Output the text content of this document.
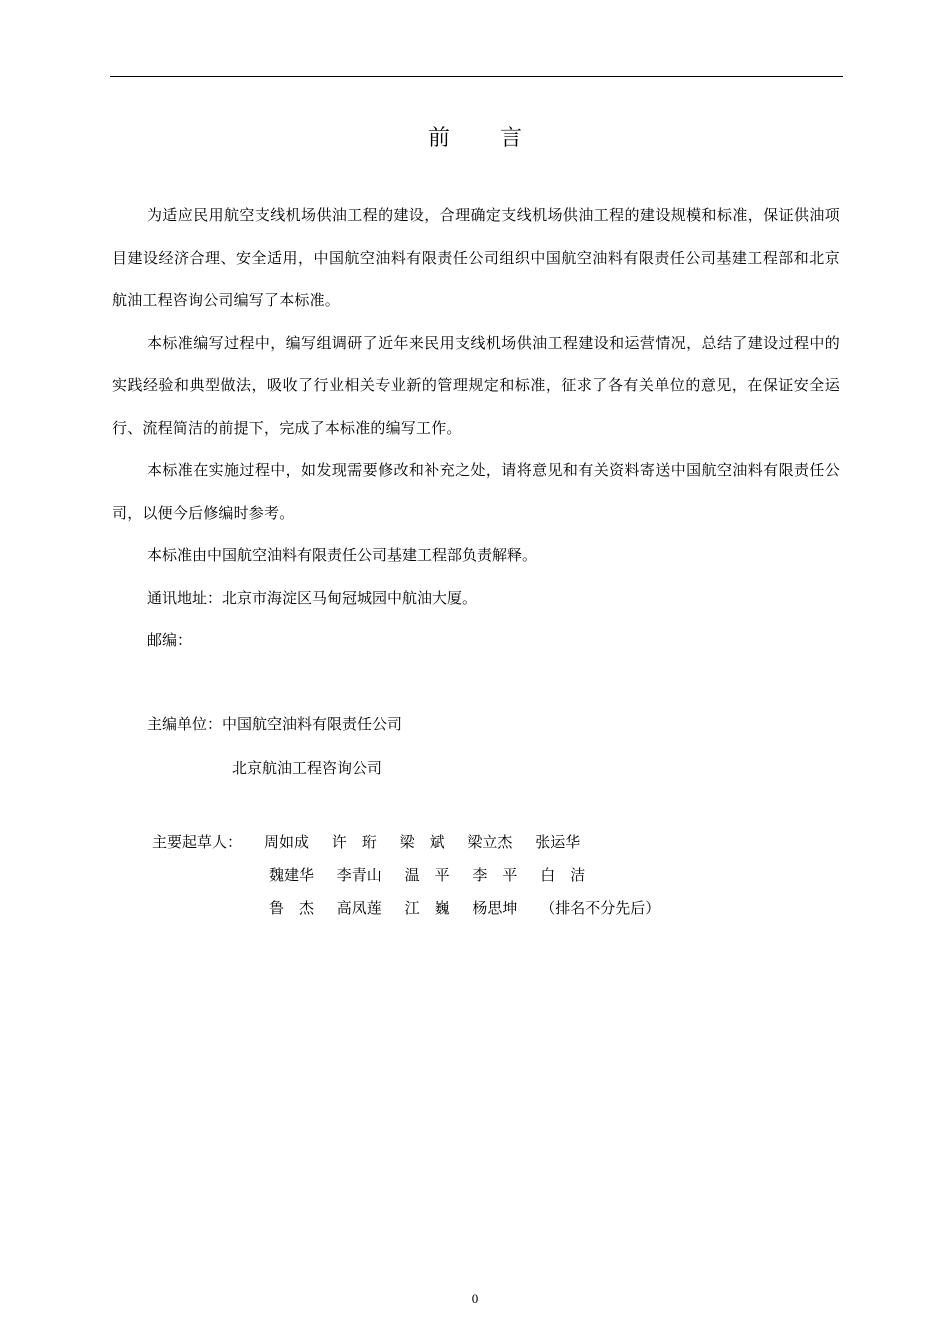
前 言

为适应民用航空支线机场供油工程的建设，合理确定支线机场供油工程的建设规模和标准，保证供油项目建设经济合理、安全适用，中国航空油料有限责任公司组织中国航空油料有限责任公司基建工程部和北京航油工程咨询公司编写了本标准。

本标准编写过程中，编写组调研了近年来民用支线机场供油工程建设和运营情况，总结了建设过程中的实践经验和典型做法，吸收了行业相关专业新的管理规定和标准，征求了各有关单位的意见，在保证安全运行、流程简洁的前提下，完成了本标准的编写工作。

本标准在实施过程中，如发现需要修改和补充之处，请将意见和有关资料寄送中国航空油料有限责任公司，以便今后修编时参考。

本标准由中国航空油料有限责任公司基建工程部负责解释。

通讯地址：北京市海淀区马甸冠城园中航油大厦。

邮编：

主编单位：中国航空油料有限责任公司
北京航油工程咨询公司
主要起草人：	周如成 许　珩 梁　斌 梁立杰 张运华
魏建华 李青山 温　平 李　平 白　洁
鲁　杰 高凤莲 江　巍 杨思坤 （排名不分先后）
0
